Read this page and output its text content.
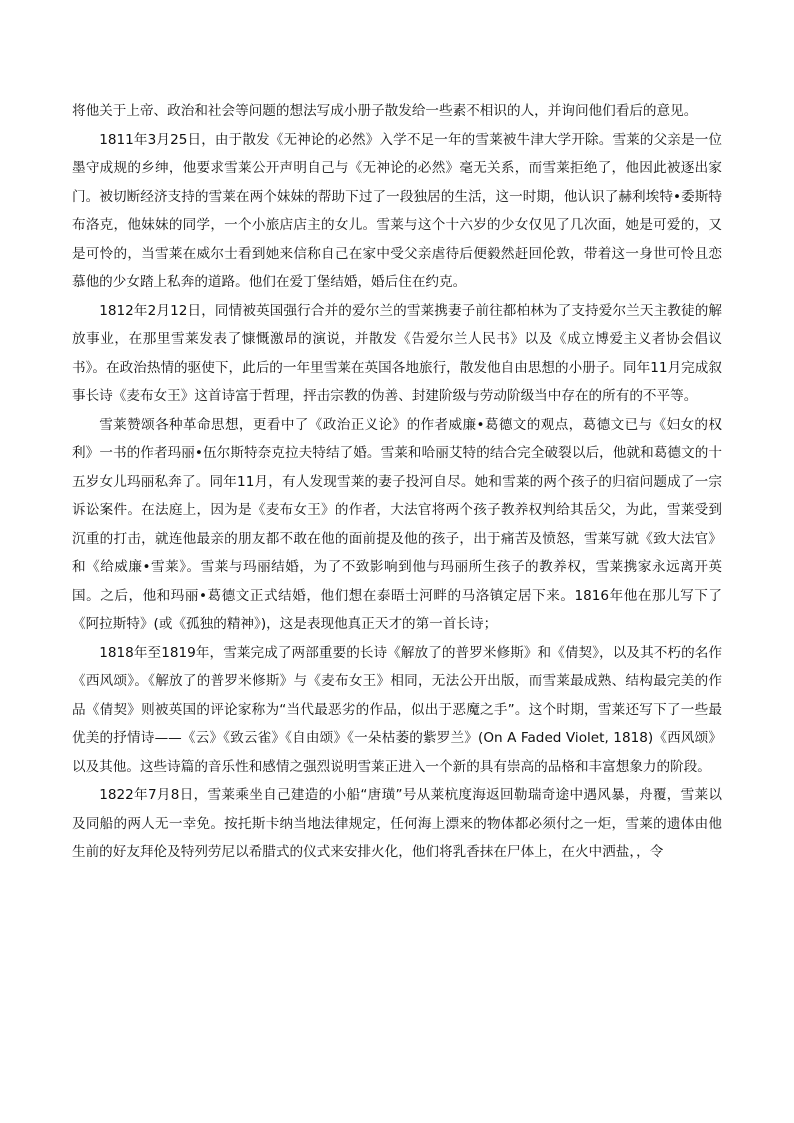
将他关于上帝、政治和社会等问题的想法写成小册子散发给一些素不相识的人，并询问他们看后的意见。

1811年3月25日，由于散发《无神论的必然》入学不足一年的雪莱被牛津大学开除。雪莱的父亲是一位墨守成规的乡绅，他要求雪莱公开声明自己与《无神论的必然》毫无关系，而雪莱拒绝了，他因此被逐出家门。被切断经济支持的雪莱在两个妹妹的帮助下过了一段独居的生活，这一时期，他认识了赫利埃特•委斯特布洛克，他妹妹的同学，一个小旅店店主的女儿。雪莱与这个十六岁的少女仅见了几次面，她是可爱的，又是可怜的，当雪莱在威尔士看到她来信称自己在家中受父亲虐待后便毅然赶回伦敦，带着这一身世可怜且恋慕他的少女踏上私奔的道路。他们在爱丁堡结婚，婚后住在约克。

1812年2月12日，同情被英国强行合并的爱尔兰的雪莱携妻子前往都柏林为了支持爱尔兰天主教徒的解放事业，在那里雪莱发表了慷慨激昂的演说，并散发《告爱尔兰人民书》以及《成立博爱主义者协会倡议书》。在政治热情的驱使下，此后的一年里雪莱在英国各地旅行，散发他自由思想的小册子。同年11月完成叙事长诗《麦布女王》这首诗富于哲理，抨击宗教的伪善、封建阶级与劳动阶级当中存在的所有的不平等。

雪莱赞颂各种革命思想，更看中了《政治正义论》的作者威廉•葛德文的观点，葛德文已与《妇女的权利》一书的作者玛丽•伍尔斯特奈克拉夫特结了婚。雪莱和哈丽艾特的结合完全破裂以后，他就和葛德文的十五岁女儿玛丽私奔了。同年11月，有人发现雪莱的妻子投河自尽。她和雪莱的两个孩子的归宿问题成了一宗诉讼案件。在法庭上，因为是《麦布女王》的作者，大法官将两个孩子教养权判给其岳父，为此，雪莱受到沉重的打击，就连他最亲的朋友都不敢在他的面前提及他的孩子，出于痛苦及愤怒，雪莱写就《致大法官》和《给威廉•雪莱》。雪莱与玛丽结婚，为了不致影响到他与玛丽所生孩子的教养权，雪莱携家永远离开英国。之后，他和玛丽•葛德文正式结婚，他们想在泰晤士河畔的马洛镇定居下来。1816年他在那儿写下了《阿拉斯特》(或《孤独的精神》)，这是表现他真正天才的第一首长诗；

1818年至1819年，雪莱完成了两部重要的长诗《解放了的普罗米修斯》和《倩契》，以及其不朽的名作《西风颂》。《解放了的普罗米修斯》与《麦布女王》相同，无法公开出版，而雪莱最成熟、结构最完美的作品《倩契》则被英国的评论家称为“当代最恶劣的作品，似出于恶魔之手”。这个时期，雪莱还写下了一些最优美的抒情诗——《云》《致云雀》《自由颂》《一朵枯萎的紫罗兰》(On A Faded Violet, 1818)《西风颂》以及其他。这些诗篇的音乐性和感情之强烈说明雪莱正进入一个新的具有崇高的品格和丰富想象力的阶段。

1822年7月8日，雪莱乘坐自己建造的小船“唐璜”号从莱杭度海返回勒瑞奇途中遇风暴，舟覆，雪莱以及同船的两人无一幸免。按托斯卡纳当地法律规定，任何海上漂来的物体都必须付之一炬，雪莱的遗体由他生前的好友拜伦及特列劳尼以希腊式的仪式来安排火化，他们将乳香抹在尸体上，在火中洒盐，，令
